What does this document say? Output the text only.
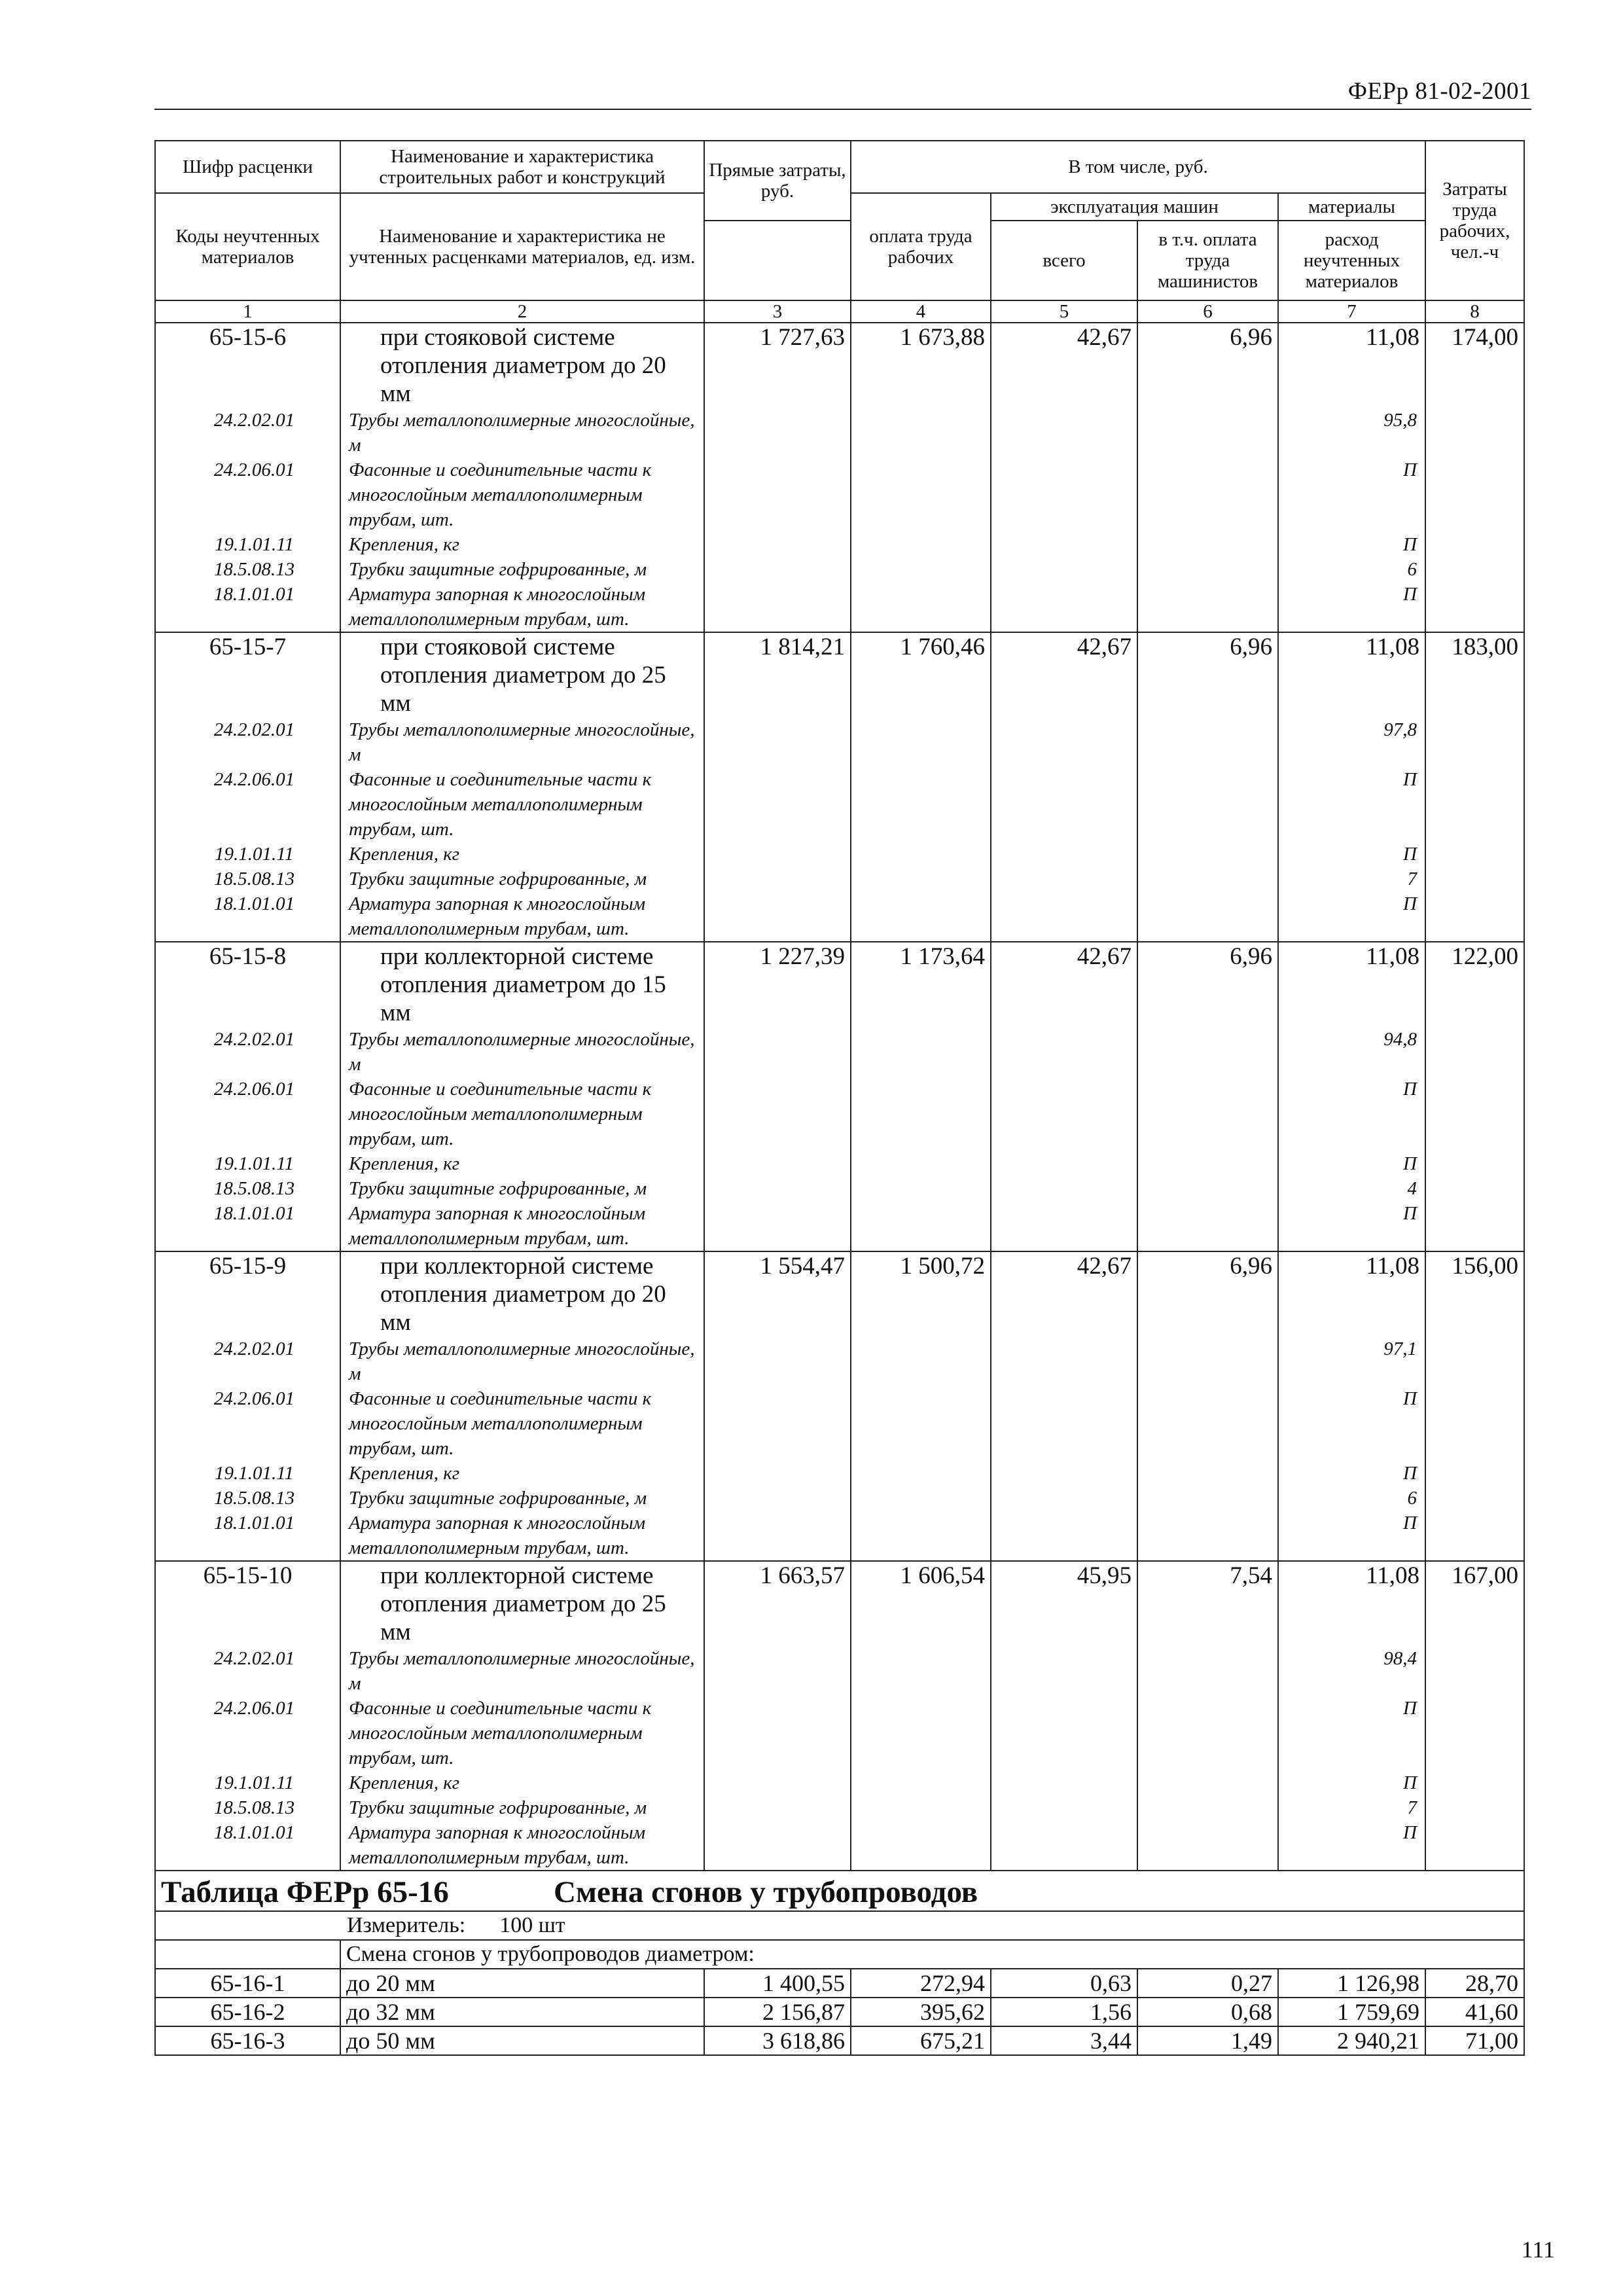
ФЕРр 81-02-2001
Шифр расценки	Наименование и характеристика строительных работ и конструкций	Прямые затраты, руб.	В том числе, руб.				Затраты труда рабочих, чел.-ч
Коды неучтенных материалов	Наименование и характеристика не учтенных расценками материалов, ед. изм.		оплата труда рабочих	эксплуатация машин		материалы	
				всего	в т.ч. оплата труда машинистов	расход неучтенных материалов	
1	2	3	4	5	6	7	8
65-15-6	при стояковой системе отопления диаметром до 20 мм	1 727,63	1 673,88	42,67	6,96	11,08	174,00
24.2.02.01	Трубы металлополимерные многослойные, м					95,8	
24.2.06.01	Фасонные и соединительные части к многослойным металлополимерным трубам, шт.					П	
19.1.01.11	Крепления, кг					П	
18.5.08.13	Трубки защитные гофрированные, м					6	
18.1.01.01	Арматура запорная к многослойным металлополимерным трубам, шт.					П	
65-15-7	при стояковой системе отопления диаметром до 25 мм	1 814,21	1 760,46	42,67	6,96	11,08	183,00
24.2.02.01	Трубы металлополимерные многослойные, м					97,8	
24.2.06.01	Фасонные и соединительные части к многослойным металлополимерным трубам, шт.					П	
19.1.01.11	Крепления, кг					П	
18.5.08.13	Трубки защитные гофрированные, м					7	
18.1.01.01	Арматура запорная к многослойным металлополимерным трубам, шт.					П	
65-15-8	при коллекторной системе отопления диаметром до 15 мм	1 227,39	1 173,64	42,67	6,96	11,08	122,00
24.2.02.01	Трубы металлополимерные многослойные, м					94,8	
24.2.06.01	Фасонные и соединительные части к многослойным металлополимерным трубам, шт.					П	
19.1.01.11	Крепления, кг					П	
18.5.08.13	Трубки защитные гофрированные, м					4	
18.1.01.01	Арматура запорная к многослойным металлополимерным трубам, шт.					П	
65-15-9	при коллекторной системе отопления диаметром до 20 мм	1 554,47	1 500,72	42,67	6,96	11,08	156,00
24.2.02.01	Трубы металлополимерные многослойные, м					97,1	
24.2.06.01	Фасонные и соединительные части к многослойным металлополимерным трубам, шт.					П	
19.1.01.11	Крепления, кг					П	
18.5.08.13	Трубки защитные гофрированные, м					6	
18.1.01.01	Арматура запорная к многослойным металлополимерным трубам, шт.					П	
65-15-10	при коллекторной системе отопления диаметром до 25 мм	1 663,57	1 606,54	45,95	7,54	11,08	167,00
24.2.02.01	Трубы металлополимерные многослойные, м					98,4	
24.2.06.01	Фасонные и соединительные части к многослойным металлополимерным трубам, шт.					П	
19.1.01.11	Крепления, кг					П	
18.5.08.13	Трубки защитные гофрированные, м					7	
18.1.01.01	Арматура запорная к многослойным металлополимерным трубам, шт.					П	
Таблица ФЕРр 65-16 Смена сгонов у трубопроводов							

Измеритель: 100 шт							

	Смена сгонов у трубопроводов диаметром:						
65-16-1	до 20 мм	1 400,55	272,94	0,63	0,27	1 126,98	28,70
65-16-2	до 32 мм	2 156,87	395,62	1,56	0,68	1 759,69	41,60
65-16-3	до 50 мм	3 618,86	675,21	3,44	1,49	2 940,21	71,00
111
